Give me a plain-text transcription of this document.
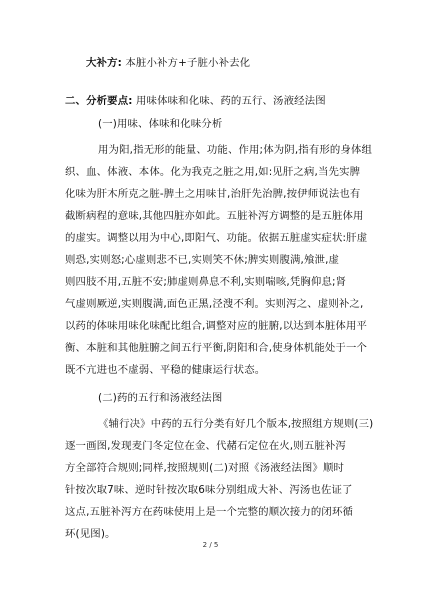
大补方: 本脏小补方+子脏小补去化
二、分析要点: 用味体味和化味、药的五行、汤液经法图
(一)用味、体味和化味分析
用为阳,指无形的能量、功能、作用;体为阴,指有形的身体组
织、血、体液、本体。化为我克之脏之用,如:见肝之病,当先实脾
化味为肝木所克之脏-脾土之用味甘,治肝先治脾,按伊师说法也有
截断病程的意味,其他四脏亦如此。五脏补泻方调整的是五脏体用
的虚实。调整以用为中心,即阳气、功能。依据五脏虚实症状:肝虚
则恐,实则怒;心虚则悲不已,实则笑不休;脾实则腹满,飧泄,虚
则四肢不用,五脏不安;肺虚则鼻息不利,实则喘咳,凭胸仰息;肾
气虚则厥逆,实则腹满,面色正黑,泾溲不利。实则泻之、虚则补之,
以药的体味用味化味配比组合,调整对应的脏腑,以达到本脏体用平
衡、本脏和其他脏腑之间五行平衡,阴阳和合,使身体机能处于一个
既不亢进也不虚弱、平稳的健康运行状态。
(二)药的五行和汤液经法图
《辅行决》中药的五行分类有好几个版本,按照组方规则(三)
逐一画图,发现麦门冬定位在金、代赭石定位在火,则五脏补泻
方全部符合规则;同样,按照规则(二)对照《汤液经法图》顺时
针按次取7味、逆时针按次取6味分别组成大补、泻汤也佐证了
这点,五脏补泻方在药味使用上是一个完整的顺次接力的闭环循
环(见图)。
2 / 5
